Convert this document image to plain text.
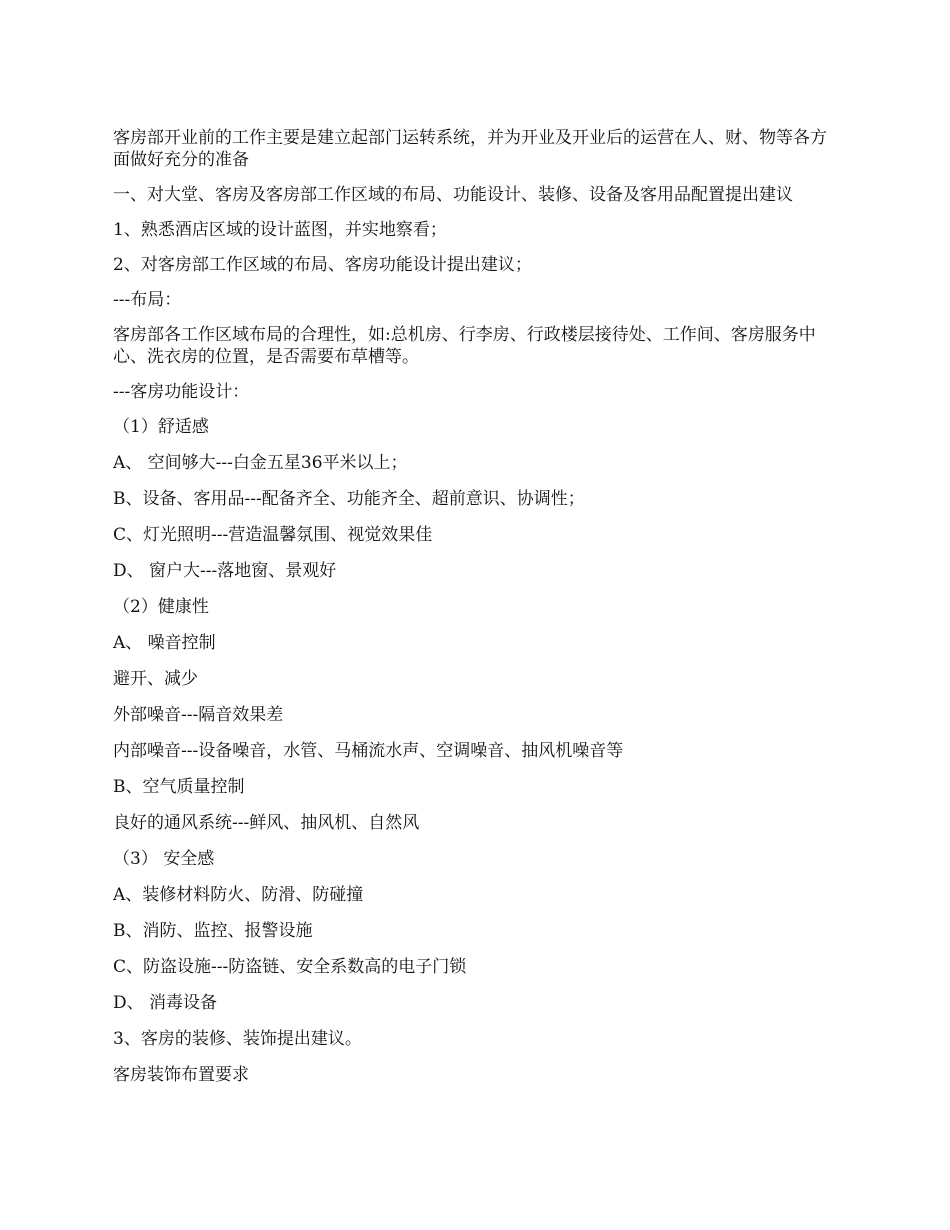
客房部开业前的工作主要是建立起部门运转系统，并为开业及开业后的运营在人、财、物等各方面做好充分的准备

一、对大堂、客房及客房部工作区域的布局、功能设计、装修、设备及客用品配置提出建议

1、熟悉酒店区域的设计蓝图，并实地察看；

2、对客房部工作区域的布局、客房功能设计提出建议；

---布局：

客房部各工作区域布局的合理性，如:总机房、行李房、行政楼层接待处、工作间、客房服务中心、洗衣房的位置，是否需要布草槽等。

---客房功能设计：

（1）舒适感

A、 空间够大---白金五星36平米以上；

B、设备、客用品---配备齐全、功能齐全、超前意识、协调性；

C、灯光照明---营造温馨氛围、视觉效果佳

D、 窗户大---落地窗、景观好

（2）健康性

A、 噪音控制

避开、减少

外部噪音---隔音效果差

内部噪音---设备噪音，水管、马桶流水声、空调噪音、抽风机噪音等

B、空气质量控制

良好的通风系统---鲜风、抽风机、自然风

（3） 安全感

A、装修材料防火、防滑、防碰撞

B、消防、监控、报警设施

C、防盗设施---防盗链、安全系数高的电子门锁

D、 消毒设备

3、客房的装修、装饰提出建议。

客房装饰布置要求
